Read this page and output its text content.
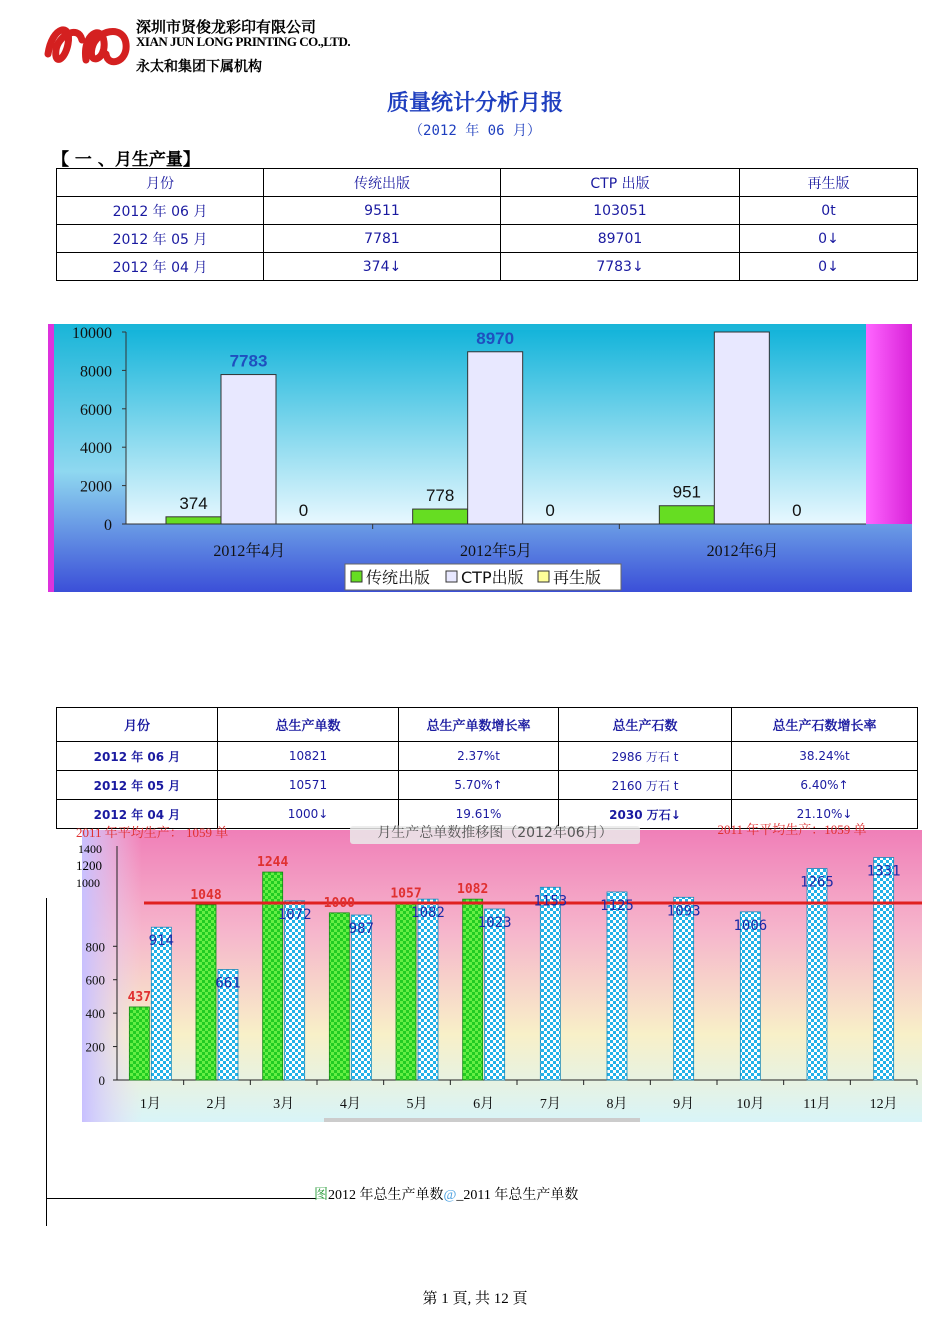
深圳市贤俊龙彩印有限公司
XIAN JUN LONG PRINTING CO.,LTD.
永太和集团下属机构
质量统计分析月报
（2012 年 06 月）
【 一 、月生产量】
月份	传统出版	CTP 出版	再生版
2012 年 06 月	9511	103051	0t
2012 年 05 月	7781	89701	0↓
2012 年 04 月	374↓	7783↓	0↓
0
2000
4000
6000
8000
10000
374
7783
0
2012年4月
778
8970
0
2012年5月
951
0
2012年6月
传统出版 CTP出版 再生版
月份	总生产单数	总生产单数增长率	总生产石数	总生产石数增长率
2012 年 06 月	10821	2.37%t	2986 万石 t	38.24%t
2012 年 05 月	10571	5.70%↑	2160 万石 t	6.40%↑
2012 年 04 月	1000↓	19.61%	2030 万石↓	21.10%↓
月生产总单数推移图（2012年06月）	2011 年平均生产：1059 单
0
200
400
600
800
437
914
1月
1048
661
2月
1244
1072
3月
1000
987
4月
1057
1082
5月
1082
1023
6月
1153
7月
1125
8月
1093
9月
1006
10月
1265
11月
1331
12月
2011 年平均生产： 1059 单
1400
1200
1000
图2012 年总生产单数@_2011 年总生产单数
第 1 頁, 共 12 頁
